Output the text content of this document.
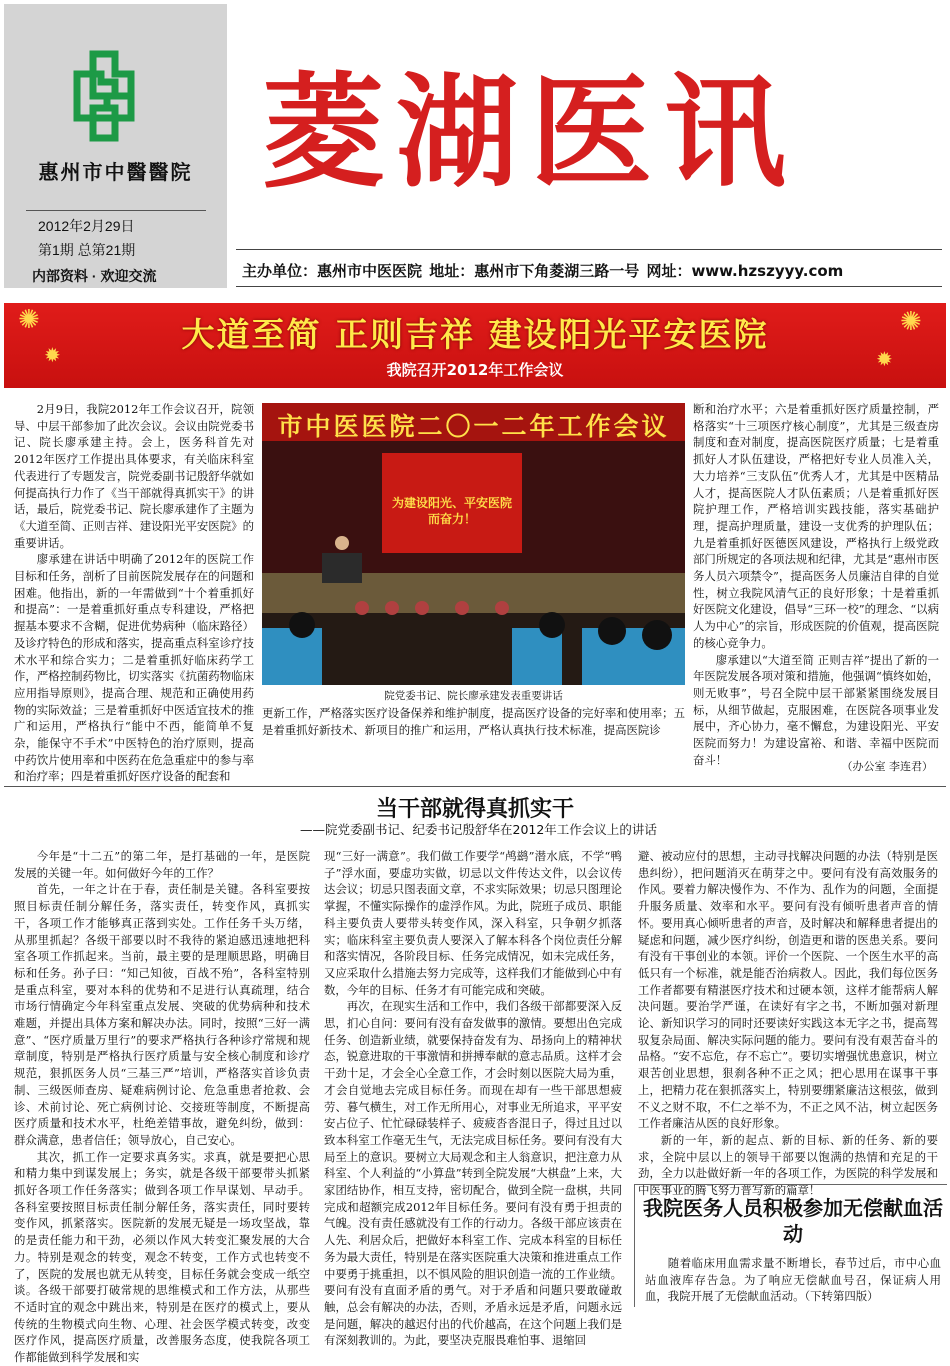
惠州市中醫醫院
2012年2月29日
第1期 总第21期
内部资料 · 欢迎交流
菱湖医讯
主办单位：惠州市中医医院 地址：惠州市下角菱湖三路一号 网址：www.hzszyyy.com
✺
✹
✺
✹
大道至简 正则吉祥 建设阳光平安医院
我院召开2012年工作会议

2月9日，我院2012年工作会议召开，院领导、中层干部参加了此次会议。会议由院党委书记、院长廖承建主持。会上，医务科首先对2012年医疗工作提出具体要求，有关临床科室代表进行了专题发言，院党委副书记殷舒华就如何提高执行力作了《当干部就得真抓实干》的讲话，最后，院党委书记、院长廖承建作了主题为《大道至简、正则吉祥、建设阳光平安医院》的重要讲话。

廖承建在讲话中明确了2012年的医院工作目标和任务，剖析了目前医院发展存在的问题和困难。他指出，新的一年需做到“十个着重抓好和提高”：一是着重抓好重点专科建设，严格把握基本要求不含糊，促进优势病种（临床路径）及诊疗特色的形成和落实，提高重点科室诊疗技术水平和综合实力；二是着重抓好临床药学工作，严格控制药物比，切实落实《抗菌药物临床应用指导原则》，提高合理、规范和正确使用药物的实际效益；三是着重抓好中医适宜技术的推广和运用，严格执行“能中不西，能简单不复杂，能保守不手术”中医特色的治疗原则，提高中药饮片使用率和中医药在危急重症中的参与率和治疗率；四是着重抓好医疗设备的配套和

市中医医院二〇一二年工作会议
为建设阳光、平安医院而奋力！
院党委书记、院长廖承建发表重要讲话

更新工作，严格落实医疗设备保养和维护制度，提高医疗设备的完好率和使用率；五是着重抓好新技术、新项目的推广和运用，严格认真执行技术标准，提高医院诊

断和治疗水平；六是着重抓好医疗质量控制，严格落实“十三项医疗核心制度”，尤其是三级查房制度和查对制度，提高医院医疗质量；七是着重抓好人才队伍建设，严格把好专业人员准入关，大力培养“三支队伍”优秀人才，尤其是中医精品人才，提高医院人才队伍素质；八是着重抓好医院护理工作，严格培训实践技能，落实基础护理，提高护理质量，建设一支优秀的护理队伍；九是着重抓好医德医风建设，严格执行上级党政部门所规定的各项法规和纪律，尤其是“惠州市医务人员六项禁令”，提高医务人员廉洁自律的自觉性，树立我院风清气正的良好形象；十是着重抓好医院文化建设，倡导“三环一校”的理念、“以病人为中心”的宗旨，形成医院的价值观，提高医院的核心竞争力。

廖承建以“大道至简 正则吉祥”提出了新的一年医院发展各项对策和措施，他强调“慎终如始，则无败事”，号召全院中层干部紧紧围绕发展目标，从细节做起，克服困难，在医院各项事业发展中，齐心协力，毫不懈怠，为建设阳光、平安医院而努力！为建设富裕、和谐、幸福中医院而奋斗！	（办公室 李连君）
当干部就得真抓实干
——院党委副书记、纪委书记殷舒华在2012年工作会议上的讲话

今年是“十二五”的第二年，是打基础的一年，是医院发展的关键一年。如何做好今年的工作？

首先，一年之计在于春，责任制是关键。各科室要按照目标责任制分解任务，落实责任，转变作风，真抓实干，各项工作才能够真正落到实处。工作任务千头万绪，从那里抓起？各级干部要以时不我待的紧迫感迅速地把科室各项工作抓起来。当前，最主要的是理顺思路，明确目标和任务。孙子曰：“知己知彼，百战不殆”，各科室特别是重点科室，要对本科的优势和不足进行认真疏理，结合市场行情确定今年科室重点发展、突破的优势病种和技术难题，并提出具体方案和解决办法。同时，按照“三好一满意”、“医疗质量万里行”的要求严格执行各种诊疗常规和规章制度，特别是严格执行医疗质量与安全核心制度和诊疗规范，狠抓医务人员“三基三严”培训，严格落实首诊负责制、三级医师查房、疑难病例讨论、危急重患者抢救、会诊、术前讨论、死亡病例讨论、交接班等制度，不断提高医疗质量和技术水平，杜绝差错事故，避免纠纷，做到：群众满意，患者信任；领导放心，自己安心。

其次，抓工作一定要求真务实。求真，就是要把心思和精力集中到谋发展上；务实，就是各级干部要带头抓紧抓好各项工作任务落实；做到各项工作早谋划、早动手。各科室要按照目标责任制分解任务，落实责任，同时要转变作风，抓紧落实。医院新的发展无疑是一场攻坚战，靠的是责任能力和干劲，必须以作风大转变汇聚发展的大合力。特别是观念的转变，观念不转变，工作方式也转变不了，医院的发展也就无从转变，目标任务就会变成一纸空谈。各级干部要打破常规的思维模式和工作方法，从那些不适时宜的观念中跳出来，特别是在医疗的模式上，要从传统的生物模式向生物、心理、社会医学模式转变，改变医疗作风，提高医疗质量，改善服务态度，使我院各项工作都能做到科学发展和实

现“三好一满意”。我们做工作要学“鸬鹚”潜水底，不学“鸭子”浮水面，要虚功实做，切忌以文件传达文件，以会议传达会议；切忌只图表面文章，不求实际效果；切忌只图理论掌握，不懂实际操作的虚浮作风。为此，院班子成员、职能科主要负责人要带头转变作风，深入科室，只争朝夕抓落实；临床科室主要负责人要深入了解本科各个岗位责任分解和落实情况，各阶段目标、任务完成情况，如未完成任务，又应采取什么措施去努力完成等，这样我们才能做到心中有数，今年的目标、任务才有可能完成和突破。

再次，在现实生活和工作中，我们各级干部都要深入反思，扪心自问：要问有没有奋发做事的激情。要想出色完成任务、创造新业绩，就要保持奋发有为、昂扬向上的精神状态，锐意进取的干事激情和拼搏奉献的意志品质。这样才会干劲十足，才会全心全意工作，才会时刻以医院大局为重，才会自觉地去完成目标任务。而现在却有一些干部思想疲劳、暮气横生，对工作无所用心，对事业无所追求，平平安安占位子、忙忙碌碌装样子、疲疲沓沓混日子，得过且过以致本科室工作毫无生气，无法完成目标任务。要问有没有大局至上的意识。要树立大局观念和主人翁意识，把注意力从科室、个人利益的“小算盘”转到全院发展“大棋盘”上来，大家团结协作，相互支持，密切配合，做到全院一盘棋，共同完成和超额完成2012年目标任务。要问有没有勇于担责的气魄。没有责任感就没有工作的行动力。各级干部应该责在人先、利居众后，把做好本科室工作、完成本科室的目标任务为最大责任，特别是在落实医院重大决策和推进重点工作中要勇于挑重担，以不惧风险的胆识创造一流的工作业绩。要问有没有直面矛盾的勇气。对于矛盾和问题只要敢碰敢触，总会有解决的办法，否则，矛盾永远是矛盾，问题永远是问题，解决的越迟付出的代价越高，在这个问题上我们是有深刻教训的。为此，要坚决克服畏难怕事、退缩回

避、被动应付的思想，主动寻找解决问题的办法（特别是医患纠纷），把问题消灭在萌芽之中。要问有没有高效服务的作风。要着力解决慢作为、不作为、乱作为的问题，全面提升服务质量、效率和水平。要问有没有倾听患者声音的情怀。要用真心倾听患者的声音，及时解决和解释患者提出的疑虑和问题，减少医疗纠纷，创造更和谐的医患关系。要问有没有干事创业的本领。评价一个医院、一个医生水平的高低只有一个标准，就是能否治病救人。因此，我们每位医务工作者都要有精湛医疗技术和过硬本领，这样才能帮病人解决问题。要治学严谨，在读好有字之书，不断加强对新理论、新知识学习的同时还要读好实践这本无字之书，提高驾驭复杂局面、解决实际问题的能力。要问有没有艰苦奋斗的品格。“安不忘危，存不忘亡”。要切实增强忧患意识，树立艰苦创业思想，狠刹各种不正之风；把心思用在谋事干事上，把精力花在狠抓落实上，特别要绷紧廉洁这根弦，做到不义之财不取，不仁之举不为，不正之风不沾，树立起医务工作者廉洁从医的良好形象。

新的一年，新的起点、新的目标、新的任务、新的要求，全院中层以上的领导干部要以饱满的热情和充足的干劲，全力以赴做好新一年的各项工作，为医院的科学发展和中医事业的腾飞努力普写新的篇章！

我院医务人员积极参加无偿献血活动

随着临床用血需求量不断增长，春节过后，市中心血站血液库存告急。为了响应无偿献血号召，保证病人用血，我院开展了无偿献血活动。（下转第四版）
